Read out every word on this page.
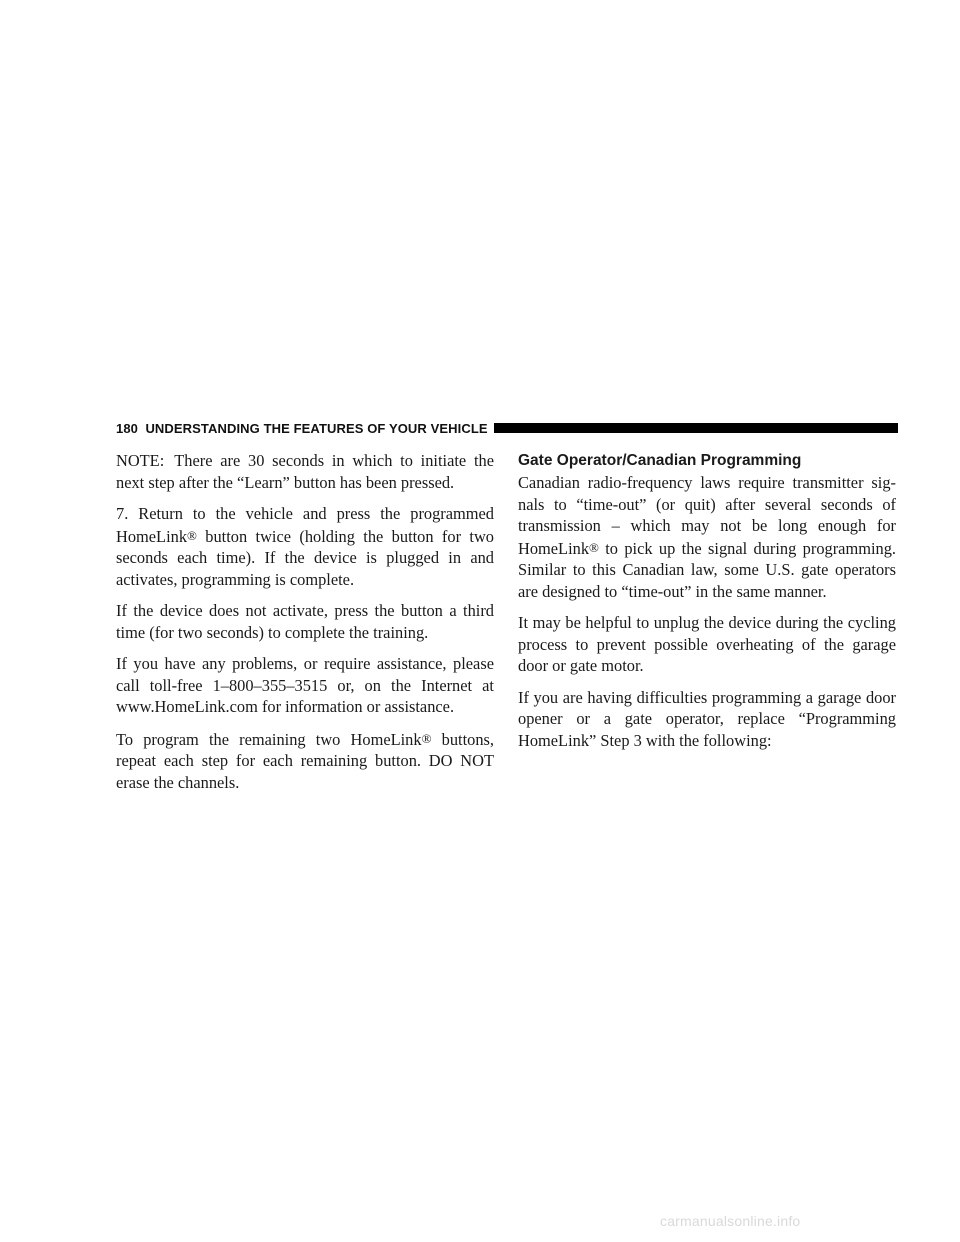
180
UNDERSTANDING THE FEATURES OF YOUR VEHICLE

NOTE: There are 30 seconds in which to initiate the next step after the “Learn” button has been pressed.

7. Return to the vehicle and press the programmed HomeLink® button twice (holding the button for two seconds each time). If the device is plugged in and activates, programming is complete.

If the device does not activate, press the button a third time (for two seconds) to complete the training.

If you have any problems, or require assistance, please call toll-free 1–800–355–3515 or, on the Internet at www.HomeLink.com for information or assistance.

To program the remaining two HomeLink® buttons, repeat each step for each remaining button. DO NOT erase the channels.

Gate Operator/Canadian Programming

Canadian radio-frequency laws require transmitter sig-nals to “time-out” (or quit) after several seconds of transmission – which may not be long enough for HomeLink® to pick up the signal during programming. Similar to this Canadian law, some U.S. gate operators are designed to “time-out” in the same manner.

It may be helpful to unplug the device during the cycling process to prevent possible overheating of the garage door or gate motor.

If you are having difficulties programming a garage door opener or a gate operator, replace “Programming HomeLink” Step 3 with the following:

carmanualsonline.info
